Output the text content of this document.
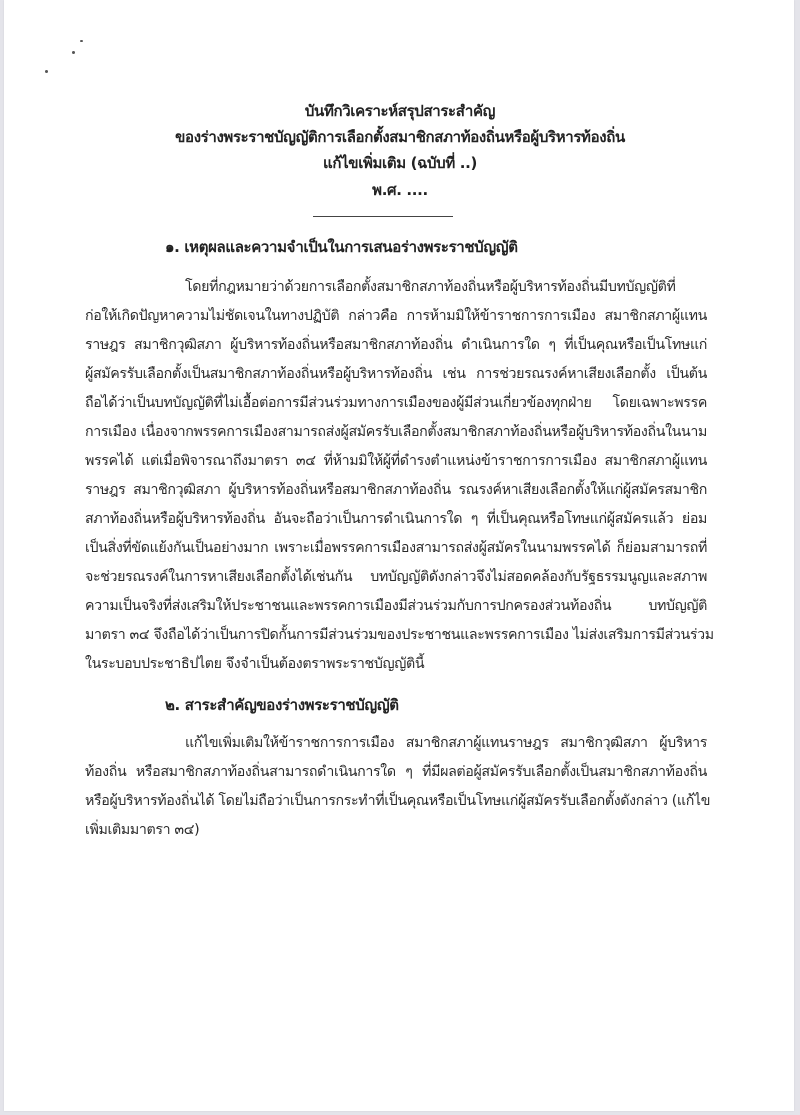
บันทึกวิเคราะห์สรุปสาระสำคัญ
ของร่างพระราชบัญญัติการเลือกตั้งสมาชิกสภาท้องถิ่นหรือผู้บริหารท้องถิ่น
แก้ไขเพิ่มเติม (ฉบับที่ ..)
พ.ศ. ....
๑. เหตุผลและความจำเป็นในการเสนอร่างพระราชบัญญัติ
โดยที่กฎหมายว่าด้วยการเลือกตั้งสมาชิกสภาท้องถิ่นหรือผู้บริหารท้องถิ่นมีบทบัญญัติที่
ก่อให้เกิดปัญหาความไม่ชัดเจนในทางปฏิบัติ กล่าวคือ การห้ามมิให้ข้าราชการการเมือง สมาชิกสภาผู้แทน
ราษฎร สมาชิกวุฒิสภา ผู้บริหารท้องถิ่นหรือสมาชิกสภาท้องถิ่น ดำเนินการใด ๆ ที่เป็นคุณหรือเป็นโทษแก่
ผู้สมัครรับเลือกตั้งเป็นสมาชิกสภาท้องถิ่นหรือผู้บริหารท้องถิ่น เช่น การช่วยรณรงค์หาเสียงเลือกตั้ง เป็นต้น
ถือได้ว่าเป็นบทบัญญัติที่ไม่เอื้อต่อการมีส่วนร่วมทางการเมืองของผู้มีส่วนเกี่ยวข้องทุกฝ่าย โดยเฉพาะพรรค
การเมือง เนื่องจากพรรคการเมืองสามารถส่งผู้สมัครรับเลือกตั้งสมาชิกสภาท้องถิ่นหรือผู้บริหารท้องถิ่นในนาม
พรรคได้ แต่เมื่อพิจารณาถึงมาตรา ๓๔ ที่ห้ามมิให้ผู้ที่ดำรงตำแหน่งข้าราชการการเมือง สมาชิกสภาผู้แทน
ราษฎร สมาชิกวุฒิสภา ผู้บริหารท้องถิ่นหรือสมาชิกสภาท้องถิ่น รณรงค์หาเสียงเลือกตั้งให้แก่ผู้สมัครสมาชิก
สภาท้องถิ่นหรือผู้บริหารท้องถิ่น อันจะถือว่าเป็นการดำเนินการใด ๆ ที่เป็นคุณหรือโทษแก่ผู้สมัครแล้ว ย่อม
เป็นสิ่งที่ขัดแย้งกันเป็นอย่างมาก เพราะเมื่อพรรคการเมืองสามารถส่งผู้สมัครในนามพรรคได้ ก็ย่อมสามารถที่
จะช่วยรณรงค์ในการหาเสียงเลือกตั้งได้เช่นกัน บทบัญญัติดังกล่าวจึงไม่สอดคล้องกับรัฐธรรมนูญและสภาพ
ความเป็นจริงที่ส่งเสริมให้ประชาชนและพรรคการเมืองมีส่วนร่วมกับการปกครองส่วนท้องถิ่น บทบัญญัติ
มาตรา ๓๔ จึงถือได้ว่าเป็นการปิดกั้นการมีส่วนร่วมของประชาชนและพรรคการเมือง ไม่ส่งเสริมการมีส่วนร่วม
ในระบอบประชาธิปไตย จึงจำเป็นต้องตราพระราชบัญญัตินี้
๒. สาระสำคัญของร่างพระราชบัญญัติ
แก้ไขเพิ่มเติมให้ข้าราชการการเมือง สมาชิกสภาผู้แทนราษฎร สมาชิกวุฒิสภา ผู้บริหาร
ท้องถิ่น หรือสมาชิกสภาท้องถิ่นสามารถดำเนินการใด ๆ ที่มีผลต่อผู้สมัครรับเลือกตั้งเป็นสมาชิกสภาท้องถิ่น
หรือผู้บริหารท้องถิ่นได้ โดยไม่ถือว่าเป็นการกระทำที่เป็นคุณหรือเป็นโทษแก่ผู้สมัครรับเลือกตั้งดังกล่าว (แก้ไข
เพิ่มเติมมาตรา ๓๔)
